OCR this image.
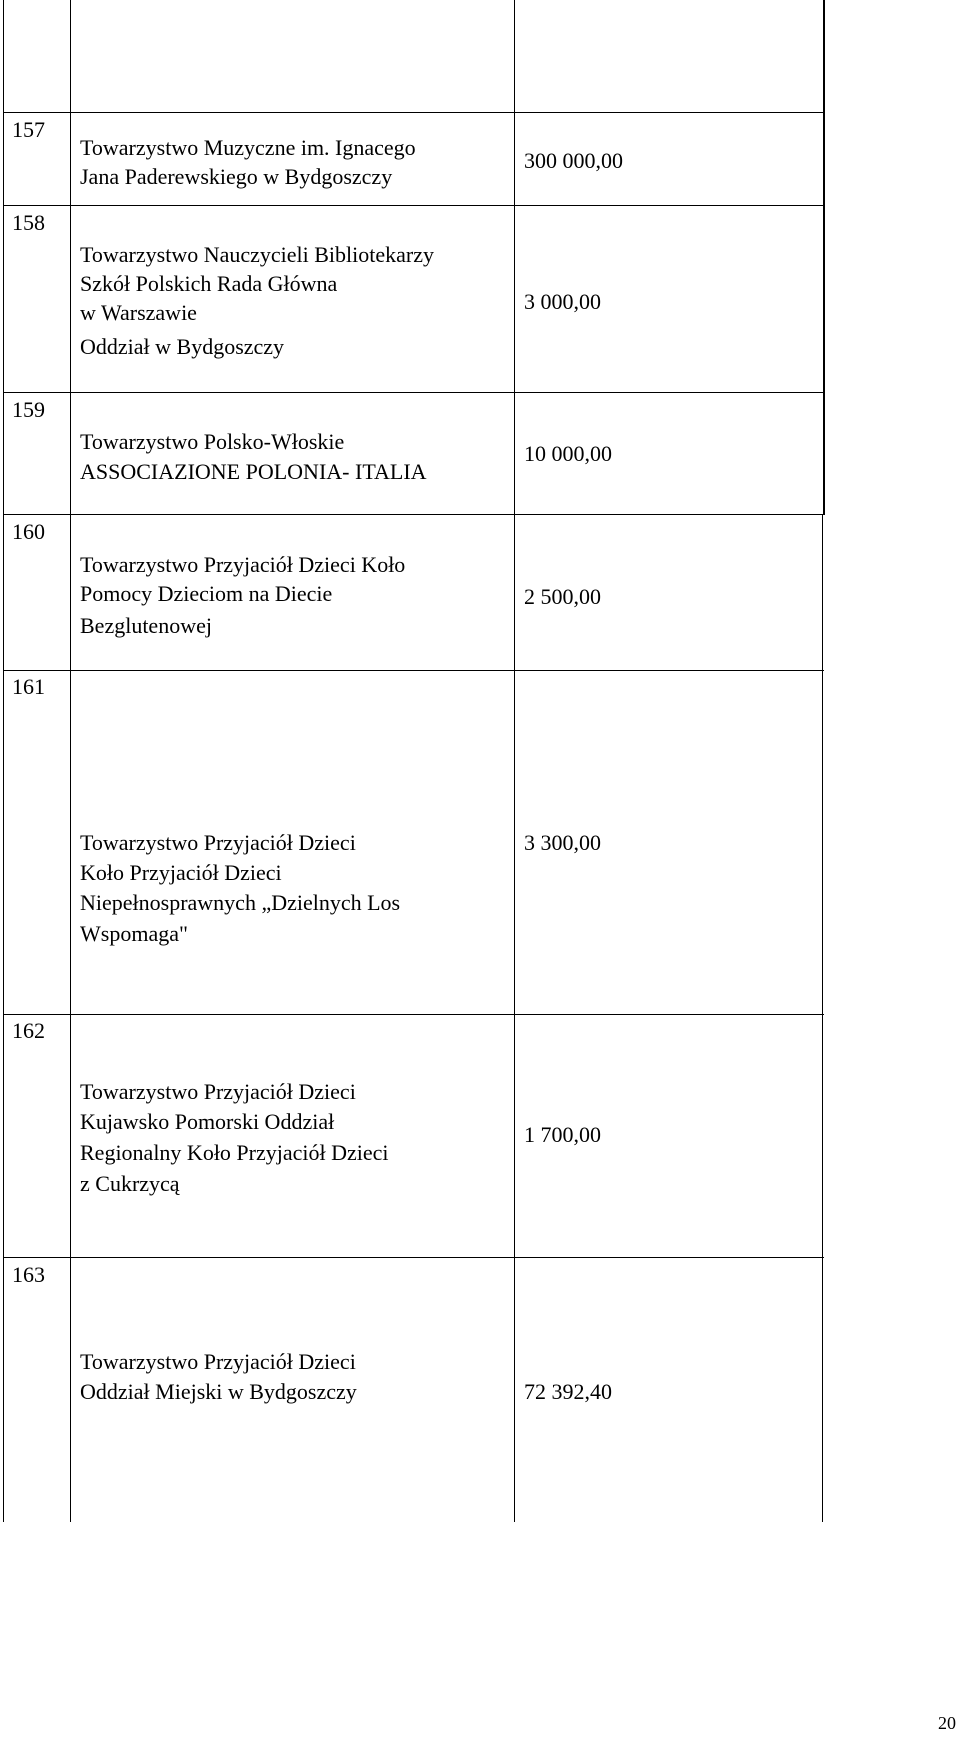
157
Towarzystwo Muzyczne im. Ignacego
Jana Paderewskiego w Bydgoszczy
300 000,00
158
Towarzystwo Nauczycieli Bibliotekarzy
Szkół Polskich Rada Główna
w Warszawie
Oddział w Bydgoszczy
3 000,00
159
Towarzystwo Polsko-Włoskie
ASSOCIAZIONE POLONIA- ITALIA
10 000,00
160
Towarzystwo Przyjaciół Dzieci Koło
Pomocy Dzieciom na Diecie
Bezglutenowej
2 500,00
161
Towarzystwo Przyjaciół Dzieci
Koło Przyjaciół Dzieci
Niepełnosprawnych „Dzielnych Los
Wspomaga"
3 300,00
162
Towarzystwo Przyjaciół Dzieci
Kujawsko Pomorski Oddział
Regionalny Koło Przyjaciół Dzieci
z Cukrzycą
1 700,00
163
Towarzystwo Przyjaciół Dzieci
Oddział Miejski w Bydgoszczy	72 392,40
20
